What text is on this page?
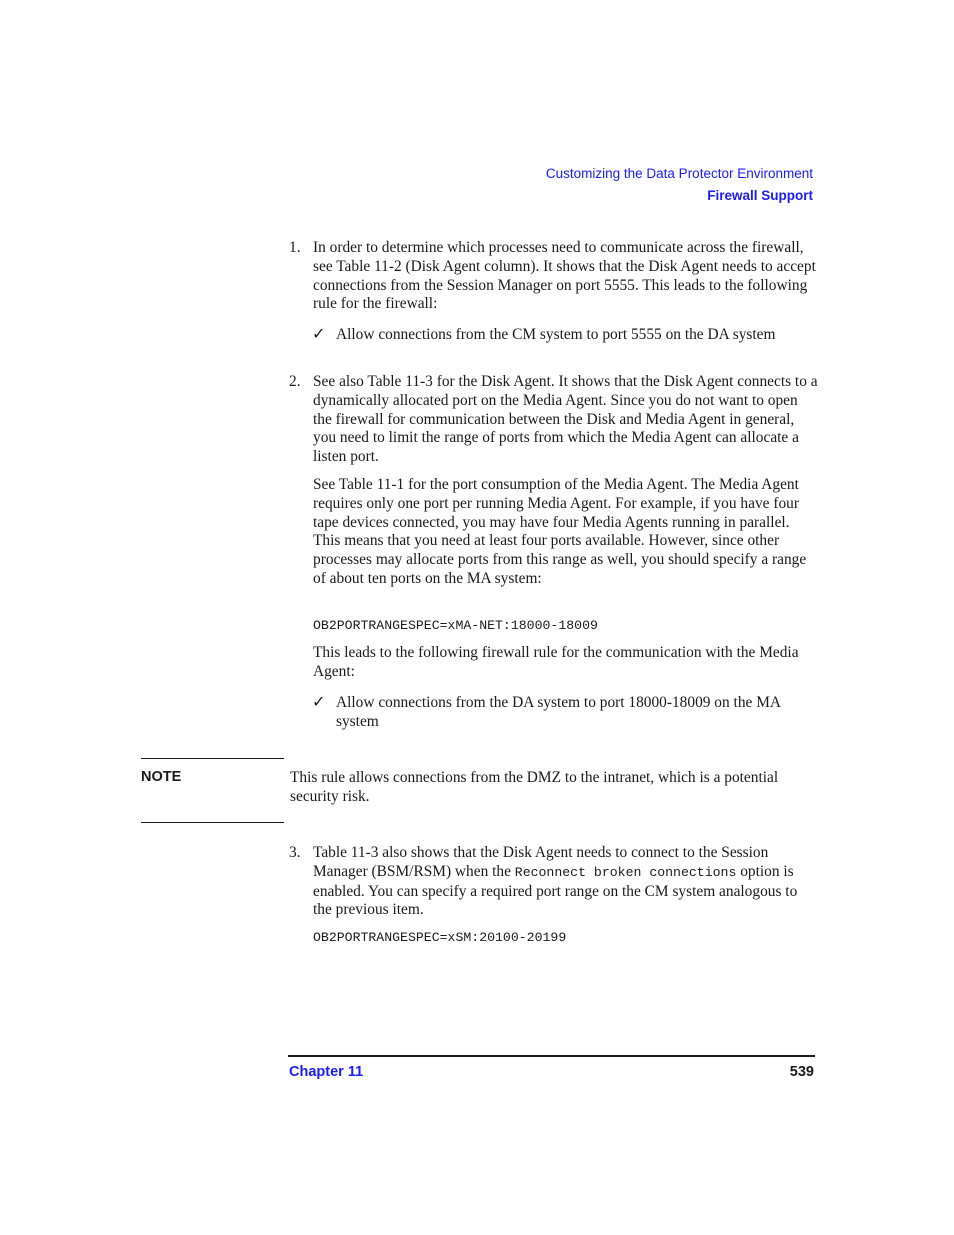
Customizing the Data Protector Environment
Firewall Support
1. In order to determine which processes need to communicate across the firewall, see Table 11-2 (Disk Agent column). It shows that the Disk Agent needs to accept connections from the Session Manager on port 5555. This leads to the following rule for the firewall:
✓ Allow connections from the CM system to port 5555 on the DA system
2. See also Table 11-3 for the Disk Agent. It shows that the Disk Agent connects to a dynamically allocated port on the Media Agent. Since you do not want to open the firewall for communication between the Disk and Media Agent in general, you need to limit the range of ports from which the Media Agent can allocate a listen port.
See Table 11-1 for the port consumption of the Media Agent. The Media Agent requires only one port per running Media Agent. For example, if you have four tape devices connected, you may have four Media Agents running in parallel. This means that you need at least four ports available. However, since other processes may allocate ports from this range as well, you should specify a range of about ten ports on the MA system:
OB2PORTRANGESPEC=xMA-NET:18000-18009
This leads to the following firewall rule for the communication with the Media Agent:
✓ Allow connections from the DA system to port 18000-18009 on the MA system
NOTE	This rule allows connections from the DMZ to the intranet, which is a potential security risk.
3. Table 11-3 also shows that the Disk Agent needs to connect to the Session Manager (BSM/RSM) when the Reconnect broken connections option is enabled. You can specify a required port range on the CM system analogous to the previous item.
OB2PORTRANGESPEC=xSM:20100-20199
Chapter 11	539
